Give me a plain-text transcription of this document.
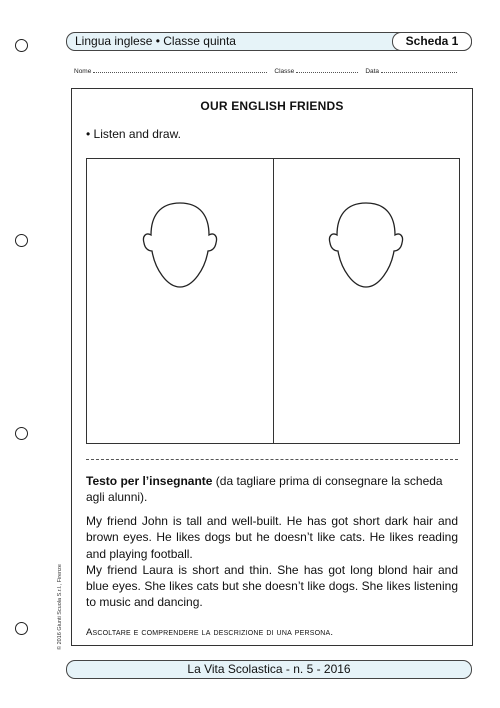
Lingua inglese • Classe quinta	Scheda 1
Nome	Classe	Data
OUR ENGLISH FRIENDS
• Listen and draw.
Testo per l’insegnante (da tagliare prima di consegnare la scheda agli alunni).

My friend John is tall and well-built. He has got short dark hair and brown eyes. He likes dogs but he doesn’t like cats. He likes reading and playing football.

My friend Laura is short and thin. She has got long blond hair and blue eyes. She likes cats but she doesn’t like dogs. She likes listening to music and dancing.

Ascoltare e comprendere la descrizione di una persona.
© 2016 Giunti Scuola S.r.l., Firenze
La Vita Scolastica - n. 5 - 2016
